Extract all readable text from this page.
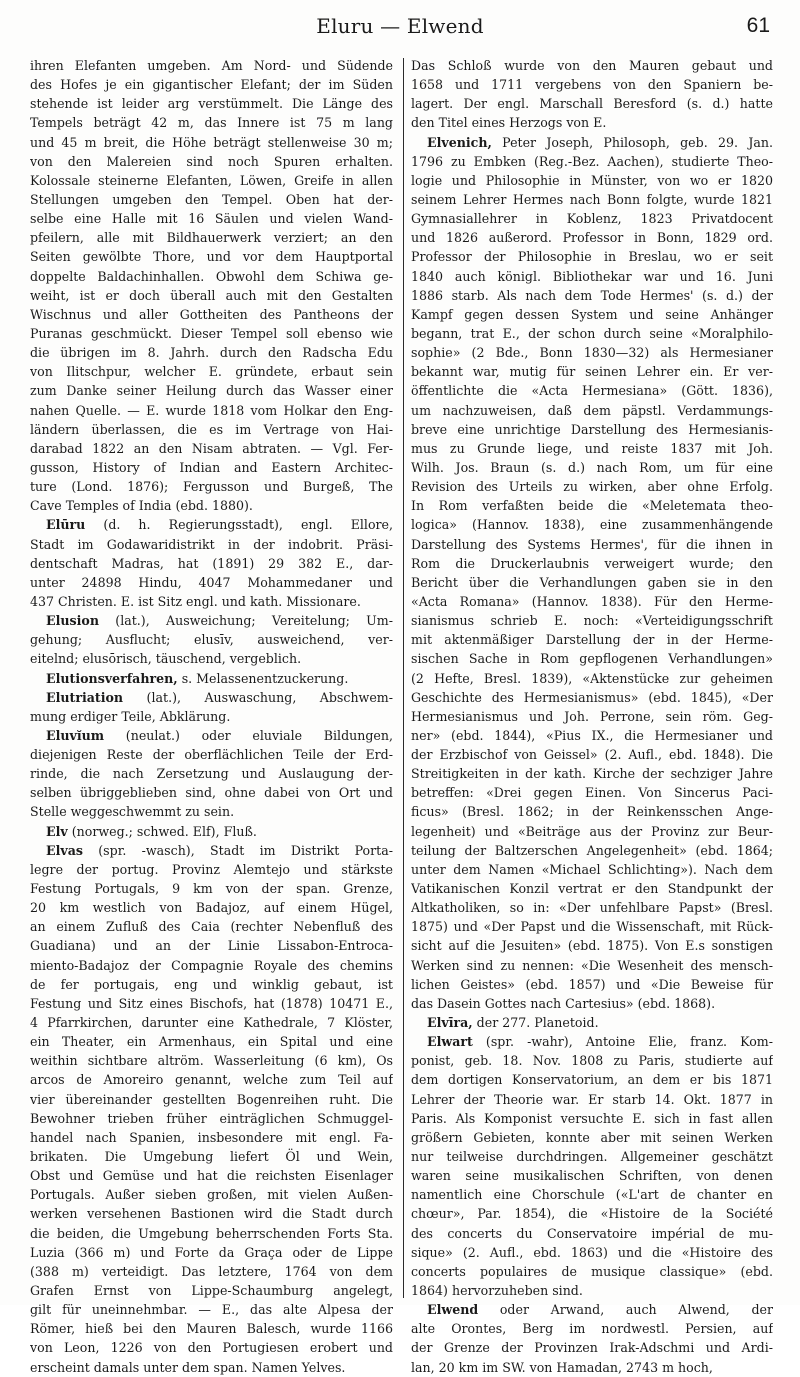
Eluru — Elwend	61
ihren Elefanten umgeben. Am Nord- und Südende
des Hofes je ein gigantischer Elefant; der im Süden
stehende ist leider arg verstümmelt. Die Länge des
Tempels beträgt 42 m, das Innere ist 75 m lang
und 45 m breit, die Höhe beträgt stellenweise 30 m;
von den Malereien sind noch Spuren erhalten.
Kolossale steinerne Elefanten, Löwen, Greife in allen
Stellungen umgeben den Tempel. Oben hat der-
selbe eine Halle mit 16 Säulen und vielen Wand-
pfeilern, alle mit Bildhauerwerk verziert; an den
Seiten gewölbte Thore, und vor dem Hauptportal
doppelte Baldachinhallen. Obwohl dem Schiwa ge-
weiht, ist er doch überall auch mit den Gestalten
Wischnus und aller Gottheiten des Pantheons der
Puranas geschmückt. Dieser Tempel soll ebenso wie
die übrigen im 8. Jahrh. durch den Radscha Edu
von Ilitschpur, welcher E. gründete, erbaut sein
zum Danke seiner Heilung durch das Wasser einer
nahen Quelle. — E. wurde 1818 vom Holkar den Eng-
ländern überlassen, die es im Vertrage von Hai-
darabad 1822 an den Nisam abtraten. — Vgl. Fer-
gusson, History of Indian and Eastern Architec-
ture (Lond. 1876); Fergusson und Burgeß, The
Cave Temples of India (ebd. 1880).
Elūru (d. h. Regierungsstadt), engl. Ellore,
Stadt im Godawaridistrikt in der indobrit. Präsi-
dentschaft Madras, hat (1891) 29 382 E., dar-
unter 24898 Hindu, 4047 Mohammedaner und
437 Christen. E. ist Sitz engl. und kath. Missionare.
Elusion (lat.), Ausweichung; Vereitelung; Um-
gehung; Ausflucht; elusīv, ausweichend, ver-
eitelnd; elusōrisch, täuschend, vergeblich.
Elutionsverfahren, s. Melassenentzuckerung.
Elutriation (lat.), Auswaschung, Abschwem-
mung erdiger Teile, Abklärung.
Eluvĭum (neulat.) oder eluviale Bildungen,
diejenigen Reste der oberflächlichen Teile der Erd-
rinde, die nach Zersetzung und Auslaugung der-
selben übriggeblieben sind, ohne dabei von Ort und
Stelle weggeschwemmt zu sein.
Elv (norweg.; schwed. Elf), Fluß.
Elvas (spr. -wasch), Stadt im Distrikt Porta-
legre der portug. Provinz Alemtejo und stärkste
Festung Portugals, 9 km von der span. Grenze,
20 km westlich von Badajoz, auf einem Hügel,
an einem Zufluß des Caia (rechter Nebenfluß des
Guadiana) und an der Linie Lissabon-Entroca-
miento-Badajoz der Compagnie Royale des chemins
de fer portugais, eng und winklig gebaut, ist
Festung und Sitz eines Bischofs, hat (1878) 10471 E.,
4 Pfarrkirchen, darunter eine Kathedrale, 7 Klöster,
ein Theater, ein Armenhaus, ein Spital und eine
weithin sichtbare altröm. Wasserleitung (6 km), Os
arcos de Amoreiro genannt, welche zum Teil auf
vier übereinander gestellten Bogenreihen ruht. Die
Bewohner trieben früher einträglichen Schmuggel-
handel nach Spanien, insbesondere mit engl. Fa-
brikaten. Die Umgebung liefert Öl und Wein,
Obst und Gemüse und hat die reichsten Eisenlager
Portugals. Außer sieben großen, mit vielen Außen-
werken versehenen Bastionen wird die Stadt durch
die beiden, die Umgebung beherrschenden Forts Sta.
Luzia (366 m) und Forte da Graça oder de Lippe
(388 m) verteidigt. Das letztere, 1764 von dem
Grafen Ernst von Lippe-Schaumburg angelegt,
gilt für uneinnehmbar. — E., das alte Alpesa der
Römer, hieß bei den Mauren Balesch, wurde 1166
von Leon, 1226 von den Portugiesen erobert und
erscheint damals unter dem span. Namen Yelves.
Das Schloß wurde von den Mauren gebaut und
1658 und 1711 vergebens von den Spaniern be-
lagert. Der engl. Marschall Beresford (s. d.) hatte
den Titel eines Herzogs von E.
Elvenich, Peter Joseph, Philosoph, geb. 29. Jan.
1796 zu Embken (Reg.-Bez. Aachen), studierte Theo-
logie und Philosophie in Münster, von wo er 1820
seinem Lehrer Hermes nach Bonn folgte, wurde 1821
Gymnasiallehrer in Koblenz, 1823 Privatdocent
und 1826 außerord. Professor in Bonn, 1829 ord.
Professor der Philosophie in Breslau, wo er seit
1840 auch königl. Bibliothekar war und 16. Juni
1886 starb. Als nach dem Tode Hermes' (s. d.) der
Kampf gegen dessen System und seine Anhänger
begann, trat E., der schon durch seine «Moralphilo-
sophie» (2 Bde., Bonn 1830—32) als Hermesianer
bekannt war, mutig für seinen Lehrer ein. Er ver-
öffentlichte die «Acta Hermesiana» (Gött. 1836),
um nachzuweisen, daß dem päpstl. Verdammungs-
breve eine unrichtige Darstellung des Hermesianis-
mus zu Grunde liege, und reiste 1837 mit Joh.
Wilh. Jos. Braun (s. d.) nach Rom, um für eine
Revision des Urteils zu wirken, aber ohne Erfolg.
In Rom verfaßten beide die «Meletemata theo-
logica» (Hannov. 1838), eine zusammenhängende
Darstellung des Systems Hermes', für die ihnen in
Rom die Druckerlaubnis verweigert wurde; den
Bericht über die Verhandlungen gaben sie in den
«Acta Romana» (Hannov. 1838). Für den Herme-
sianismus schrieb E. noch: «Verteidigungsschrift
mit aktenmäßiger Darstellung der in der Herme-
sischen Sache in Rom gepflogenen Verhandlungen»
(2 Hefte, Bresl. 1839), «Aktenstücke zur geheimen
Geschichte des Hermesianismus» (ebd. 1845), «Der
Hermesianismus und Joh. Perrone, sein röm. Geg-
ner» (ebd. 1844), «Pius IX., die Hermesianer und
der Erzbischof von Geissel» (2. Aufl., ebd. 1848). Die
Streitigkeiten in der kath. Kirche der sechziger Jahre
betreffen: «Drei gegen Einen. Von Sincerus Paci-
ficus» (Bresl. 1862; in der Reinkensschen Ange-
legenheit) und «Beiträge aus der Provinz zur Beur-
teilung der Baltzerschen Angelegenheit» (ebd. 1864;
unter dem Namen «Michael Schlichting»). Nach dem
Vatikanischen Konzil vertrat er den Standpunkt der
Altkatholiken, so in: «Der unfehlbare Papst» (Bresl.
1875) und «Der Papst und die Wissenschaft, mit Rück-
sicht auf die Jesuiten» (ebd. 1875). Von E.s sonstigen
Werken sind zu nennen: «Die Wesenheit des mensch-
lichen Geistes» (ebd. 1857) und «Die Beweise für
das Dasein Gottes nach Cartesius» (ebd. 1868).
Elvīra, der 277. Planetoid.
Elwart (spr. -wahr), Antoine Elie, franz. Kom-
ponist, geb. 18. Nov. 1808 zu Paris, studierte auf
dem dortigen Konservatorium, an dem er bis 1871
Lehrer der Theorie war. Er starb 14. Okt. 1877 in
Paris. Als Komponist versuchte E. sich in fast allen
größern Gebieten, konnte aber mit seinen Werken
nur teilweise durchdringen. Allgemeiner geschätzt
waren seine musikalischen Schriften, von denen
namentlich eine Chorschule («L'art de chanter en
chœur», Par. 1854), die «Histoire de la Société
des concerts du Conservatoire impérial de mu-
sique» (2. Aufl., ebd. 1863) und die «Histoire des
concerts populaires de musique classique» (ebd.
1864) hervorzuheben sind.
Elwend oder Arwand, auch Alwend, der
alte Orontes, Berg im nordwestl. Persien, auf
der Grenze der Provinzen Irak-Adschmi und Ardi-
lan, 20 km im SW. von Hamadan, 2743 m hoch,
